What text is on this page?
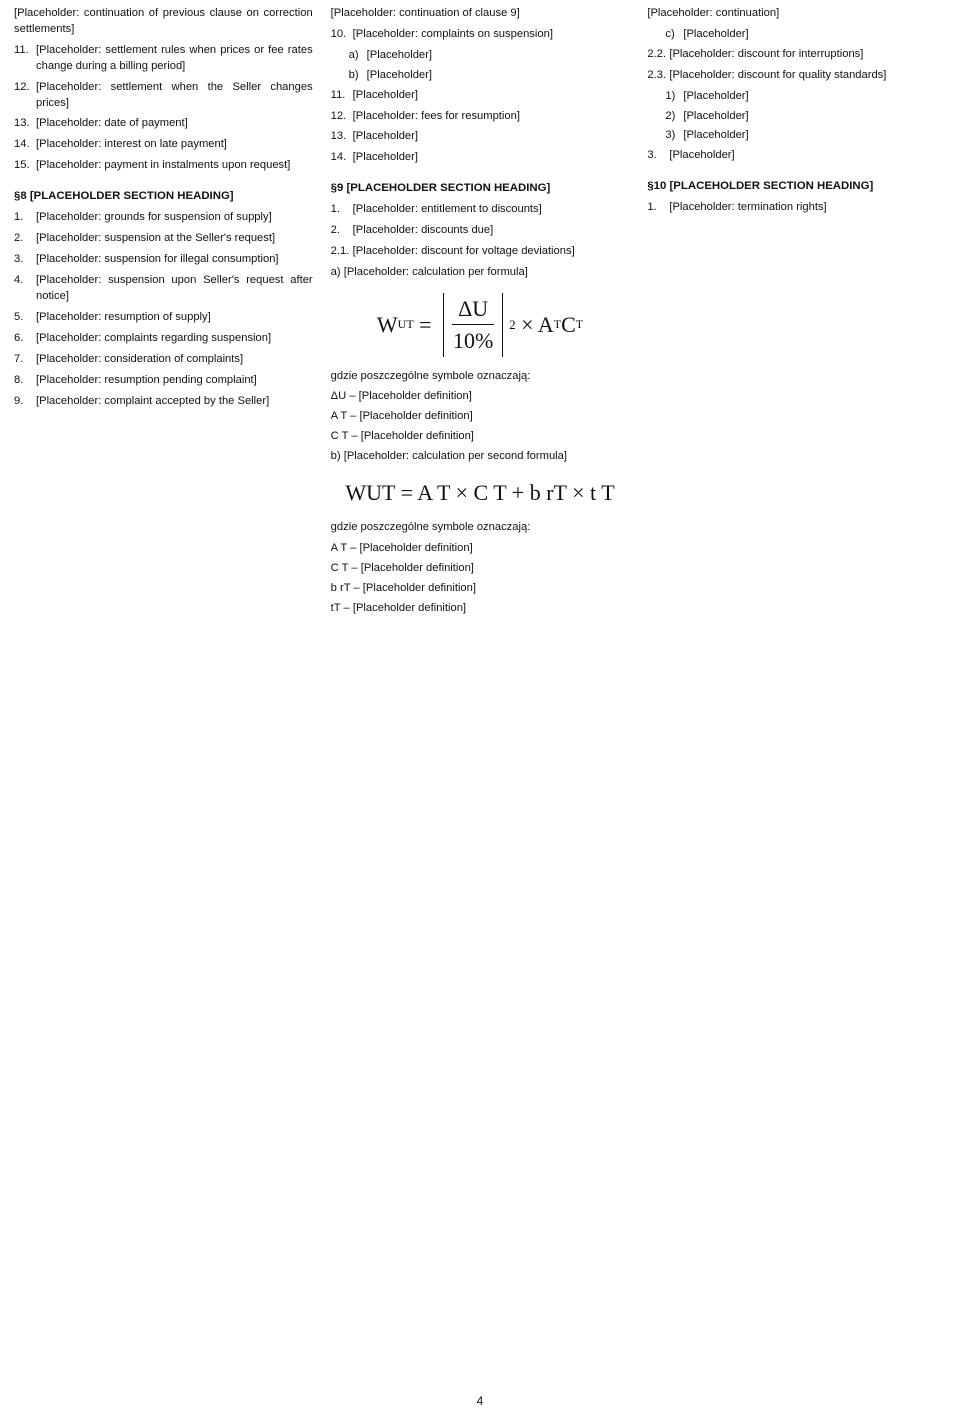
[Placeholder: continuation of previous clause on correction settlements]

11. [Placeholder: settlement rules when prices or fee rates change during a billing period]
12. [Placeholder: settlement when the Seller changes prices]
13. [Placeholder: date of payment]
14. [Placeholder: interest on late payment]
15. [Placeholder: payment in instalments upon request]
§8 [PLACEHOLDER SECTION HEADING]
1.	[Placeholder: grounds for suspension of supply]
2.	[Placeholder: suspension at the Seller's request]
3.	[Placeholder: suspension for illegal consumption]
4.	[Placeholder: suspension upon Seller's request after notice]
5.	[Placeholder: resumption of supply]
6.	[Placeholder: complaints regarding suspension]
7.	[Placeholder: consideration of complaints]
8.	[Placeholder: resumption pending complaint]
9.	[Placeholder: complaint accepted by the Seller]

[Placeholder: continuation of clause 9]

10. [Placeholder: complaints on suspension]
a) [Placeholder]
b) [Placeholder]
11. [Placeholder]
12. [Placeholder: fees for resumption]
13. [Placeholder]
14. [Placeholder]
§9 [PLACEHOLDER SECTION HEADING]
1.	[Placeholder: entitlement to discounts]
2.	[Placeholder: discounts due]
2.1. [Placeholder: discount for voltage deviations]

a) [Placeholder: calculation per formula]

W UT = $\frac{\Delta U}{10\%} 2$
× A T C T

gdzie poszczególne symbole oznaczają:

ΔU – [Placeholder definition]

A T – [Placeholder definition]

C T – [Placeholder definition]

b) [Placeholder: calculation per second formula]

WUT = A T × C T + b rT × t T

gdzie poszczególne symbole oznaczają:

A T – [Placeholder definition]

C T – [Placeholder definition]

b rT – [Placeholder definition]

tT – [Placeholder definition]

[Placeholder: continuation]

c) [Placeholder]
2.2. [Placeholder: discount for interruptions]
2.3. [Placeholder: discount for quality standards]
1) [Placeholder]
2) [Placeholder]
3) [Placeholder]
3.	[Placeholder]
§10 [PLACEHOLDER SECTION HEADING]
1.	[Placeholder: termination rights]
4
